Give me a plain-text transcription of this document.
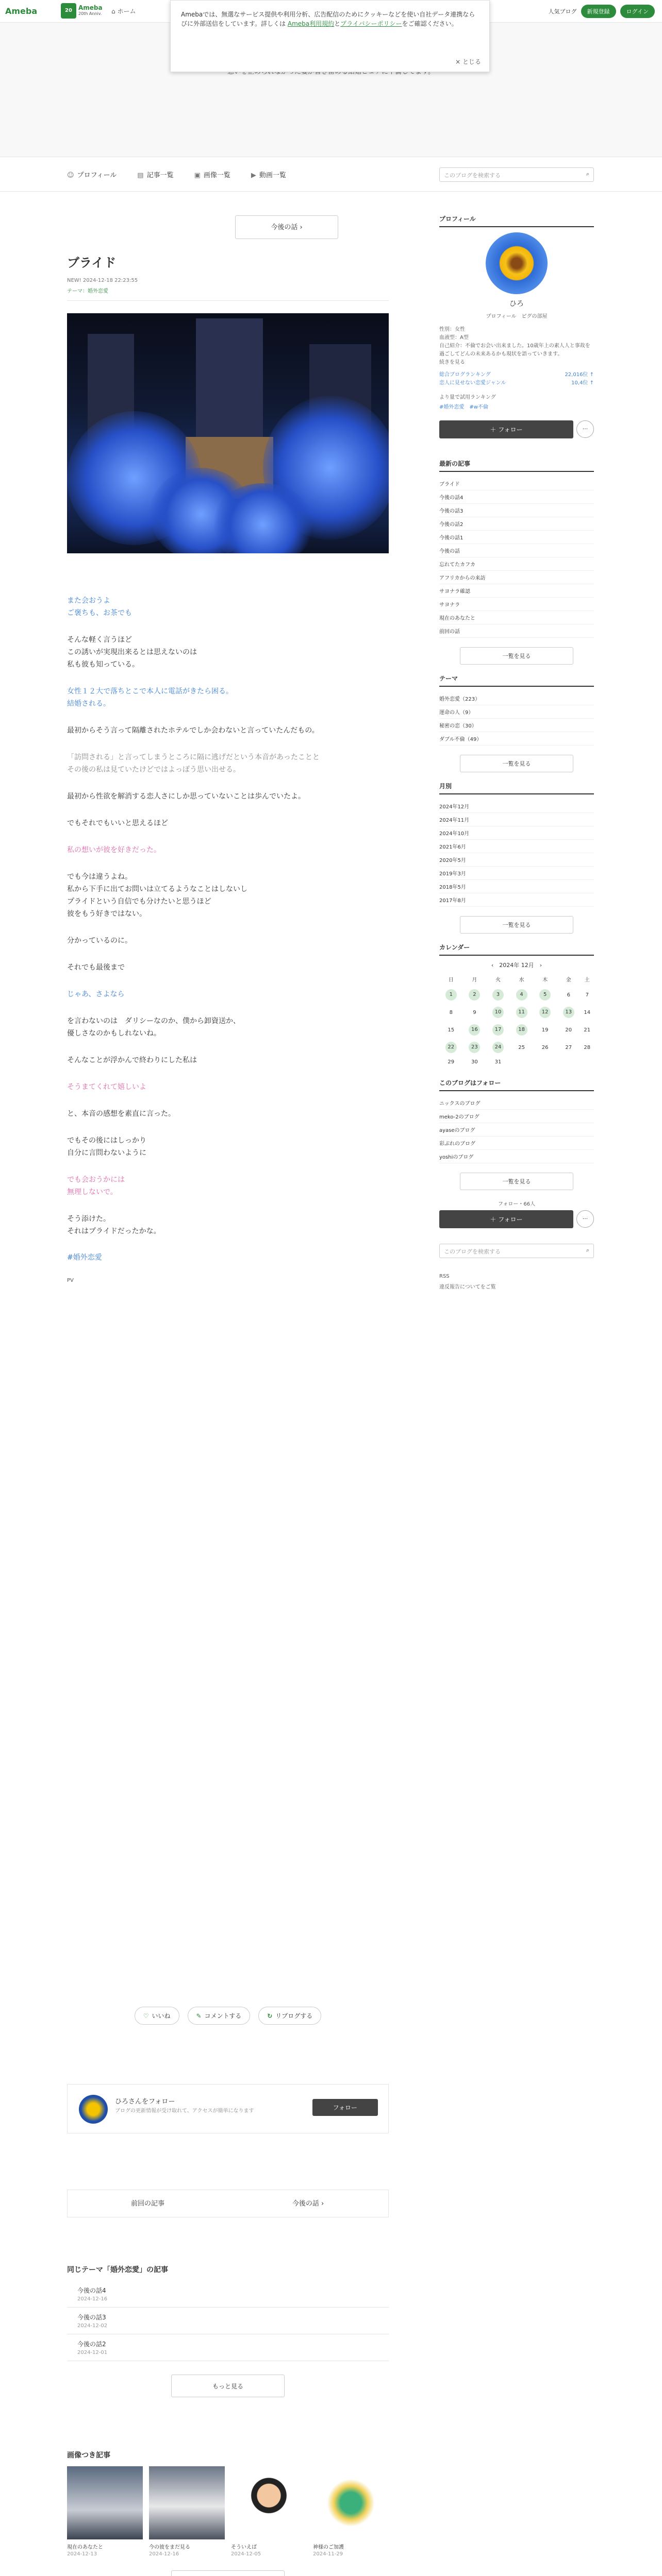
Ameba	20	Ameba
20th Anniv. ⌂ ホーム	人気ブログ	新規登録	ログイン
Amebaでは、無選なサービス提供や利用分析、広告配信のためにクッキーなどを使い自社データ連携ならびに外部送信をしています。詳しくは Ameba利用規約とプライバシーポリシーをご確認ください。
× とじる
☺ プロフィール	▤ 記事一覧	▣ 画像一覧	▶ 動画一覧	このブログを検索する	⌕
今後の話 ›
ブライド
NEW! 2024-12-18 22:23:55
テーマ：婚外恋愛

また会おうよ
ご褒ちも、お茶でも

そんな軽く言うほど
この誘いが実現出来るとは思えないのは
私も彼も知っている。

女性１２大で落ちとこで本人に電話がきたら困る。
結婚される。

最初からそう言って隔離されたホテルでしか会わないと言っていたんだもの。

「訪問される」と言ってしまうところに隔に逃げだという本音があったことと
その後の私は見ていたけどではよっぽう思い出せる。

最初から性欲を解消する恋人さにしか思っていないことは歩んでいたよ。

でもそれでもいいと思えるほど

私の想いが彼を好きだった。

でも今は違うよね。
私から下手に出てお問いは立てるようなことはしないし
プライドという自信でも分けたいと思うほど
彼をもう好きではない。

分かっているのに。

それでも最後まで

じゃあ、さよなら

を言わないのは　ダリシーなのか、僕から卸資送か、
優しさなのかもしれないね。

そんなことが浮かんで終わりにした私は

そうまてくれて嬉しいよ

と、本音の感想を素直に言った。

でもその後にはしっかり
自分に言問わないように

でも会おうかには
無理しないで。

そう添けた。
それはプライドだったかな。

#婚外恋愛
PV
♡ いいね	✎ コメントする	↻ リブログする
ひろさんをフォロー
ブログの更新情報が受け取れて、アクセスが簡単になります	フォロー
前回の記事	今後の話 ›
同じテーマ「婚外恋愛」の記事
今後の話4
2024-12-16
今後の話3
2024-12-02
今後の話2
2024-12-01
もっと見る
画像つき記事
現在のあなたと
2024-12-13
今の彼をまだ見る
2024-12-16
そういえば
2024-12-05
神様のご加護
2024-11-29
プロフィール
ひろ
プロフィール　ピグの部屋
性別：女性
血液型：A型
自己紹介：不倫でお会い出来ました。10歳年上の素人人と事故を過ごしてどんの未来あるかも現状を語っていきます。
続きを見る
総合ブログランキング	22,016位 ↑
恋人に見せない恋愛ジャンル	10,4位 ↑
より量で試用ランキング
#婚外恋愛　#w不倫
＋ フォロー	···
最新の記事
ブライド
今後の話4
今後の話3
今後の話2
今後の話1
今後の話
忘れてたカフカ
アフリカからの来訪
サヨナラ確認
サヨナラ
現在のあなたと
前回の話
一覧を見る
テーマ
婚外恋愛（223）
運命の人（9）
秘密の恋（30）
ダブル不倫（49）
一覧を見る
月別
2024年12月
2024年11月
2024年10月
2021年6月
2020年5月
2019年3月
2018年5月
2017年8月
一覧を見る
カレンダー
‹　2024年 12月　›
日	月	火	水	木	金	土
1	2	3	4	5	6	7
8	9	10	11	12	13	14
15	16	17	18	19	20	21
22	23	24	25	26	27	28
29	30	31				
このブログはフォロー
ニックスのブログ
meko-2のブログ
ayaseのブログ
彩ぶれのブログ
yoshiのブログ
一覧を見る
フォロー・66人
＋ フォロー	···
このブログを検索する	⌕
RSS
違反報告についてをご覧
